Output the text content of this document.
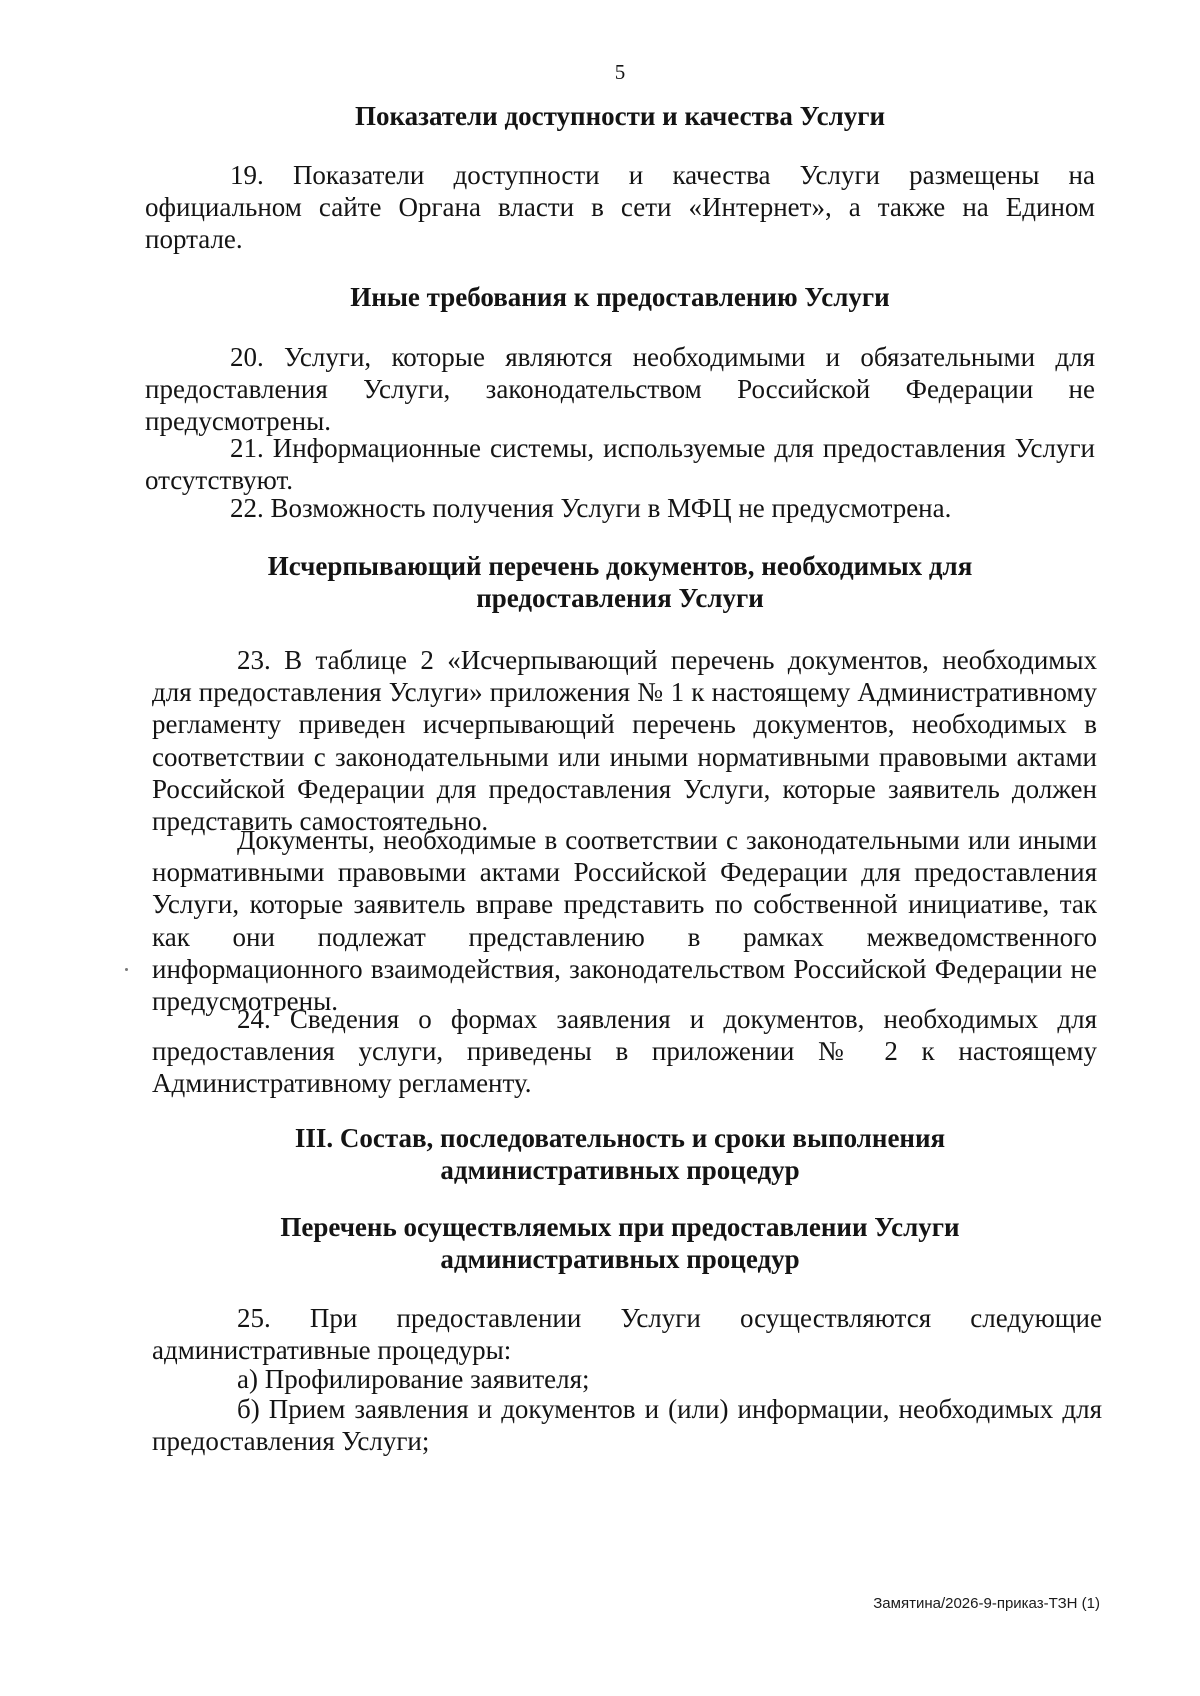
5
Показатели доступности и качества Услуги
19. Показатели доступности и качества Услуги размещены на официальном сайте Органа власти в сети «Интернет», а также на Едином портале.
Иные требования к предоставлению Услуги
20. Услуги, которые являются необходимыми и обязательными для предоставления Услуги, законодательством Российской Федерации не предусмотрены.
21. Информационные системы, используемые для предоставления Услуги отсутствуют.
22. Возможность получения Услуги в МФЦ не предусмотрена.
Исчерпывающий перечень документов, необходимых для
предоставления Услуги
23. В таблице 2 «Исчерпывающий перечень документов, необходимых для предоставления Услуги» приложения № 1 к настоящему Административному регламенту приведен исчерпывающий перечень документов, необходимых в соответствии с законодательными или иными нормативными правовыми актами Российской Федерации для предоставления Услуги, которые заявитель должен представить самостоятельно.
Документы, необходимые в соответствии с законодательными или иными нормативными правовыми актами Российской Федерации для предоставления Услуги, которые заявитель вправе представить по собственной инициативе, так как они подлежат представлению в рамках межведомственного информационного взаимодействия, законодательством Российской Федерации не предусмотрены.
24. Сведения о формах заявления и документов, необходимых для предоставления услуги, приведены в приложении № 2 к настоящему Административному регламенту.
III. Состав, последовательность и сроки выполнения
административных процедур
Перечень осуществляемых при предоставлении Услуги
административных процедур
25. При предоставлении Услуги осуществляются следующие административные процедуры:
а) Профилирование заявителя;
б) Прием заявления и документов и (или) информации, необходимых для предоставления Услуги;
Замятина/2026-9-приказ-ТЗН (1)
